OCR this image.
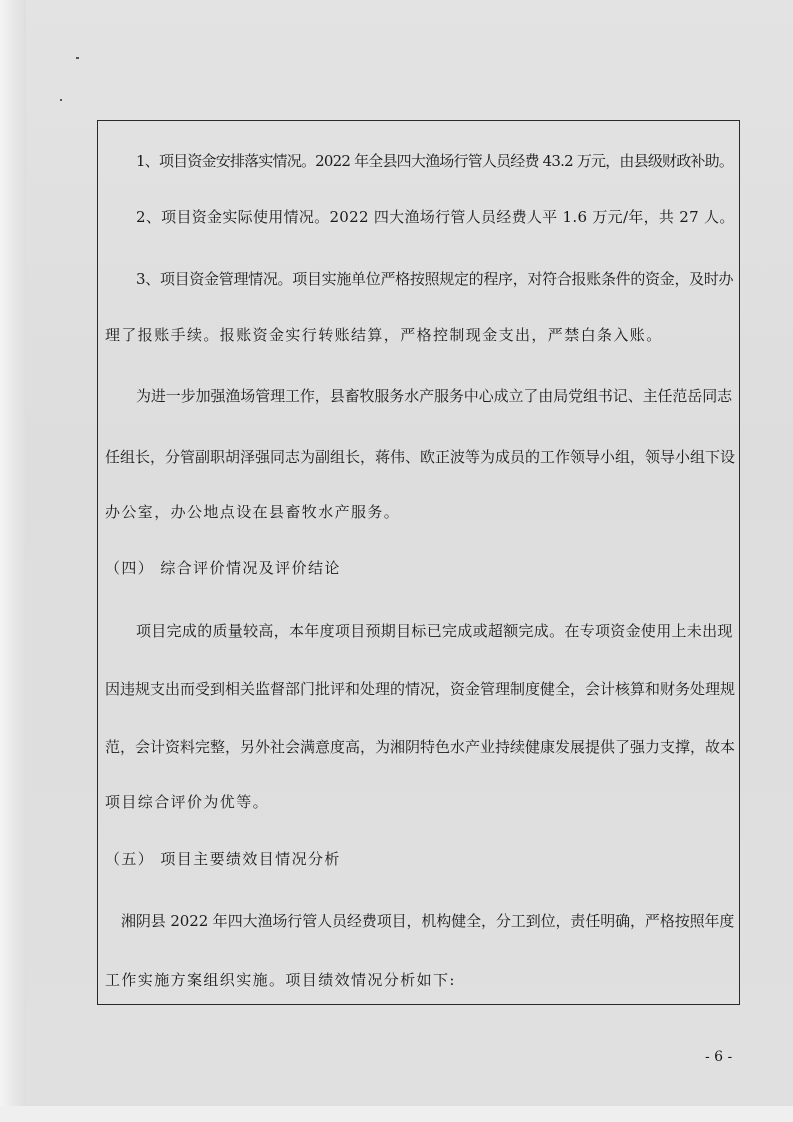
1、项目资金安排落实情况。2022 年全县四大渔场行管人员经费 43.2 万元，由县级财政补助。
2、项目资金实际使用情况。2022 四大渔场行管人员经费人平 1.6 万元/年，共 27 人。
3、项目资金管理情况。项目实施单位严格按照规定的程序，对符合报账条件的资金，及时办
理了报账手续。报账资金实行转账结算，严格控制现金支出，严禁白条入账。
为进一步加强渔场管理工作，县畜牧服务水产服务中心成立了由局党组书记、主任范岳同志
任组长，分管副职胡泽强同志为副组长，蒋伟、欧正波等为成员的工作领导小组，领导小组下设
办公室，办公地点设在县畜牧水产服务。
（四） 综合评价情况及评价结论
项目完成的质量较高，本年度项目预期目标已完成或超额完成。在专项资金使用上未出现
因违规支出而受到相关监督部门批评和处理的情况，资金管理制度健全，会计核算和财务处理规
范，会计资料完整，另外社会满意度高，为湘阴特色水产业持续健康发展提供了强力支撑，故本
项目综合评价为优等。
（五） 项目主要绩效目情况分析
湘阴县 2022 年四大渔场行管人员经费项目，机构健全，分工到位，责任明确，严格按照年度
工作实施方案组织实施。项目绩效情况分析如下:
- 6 -
